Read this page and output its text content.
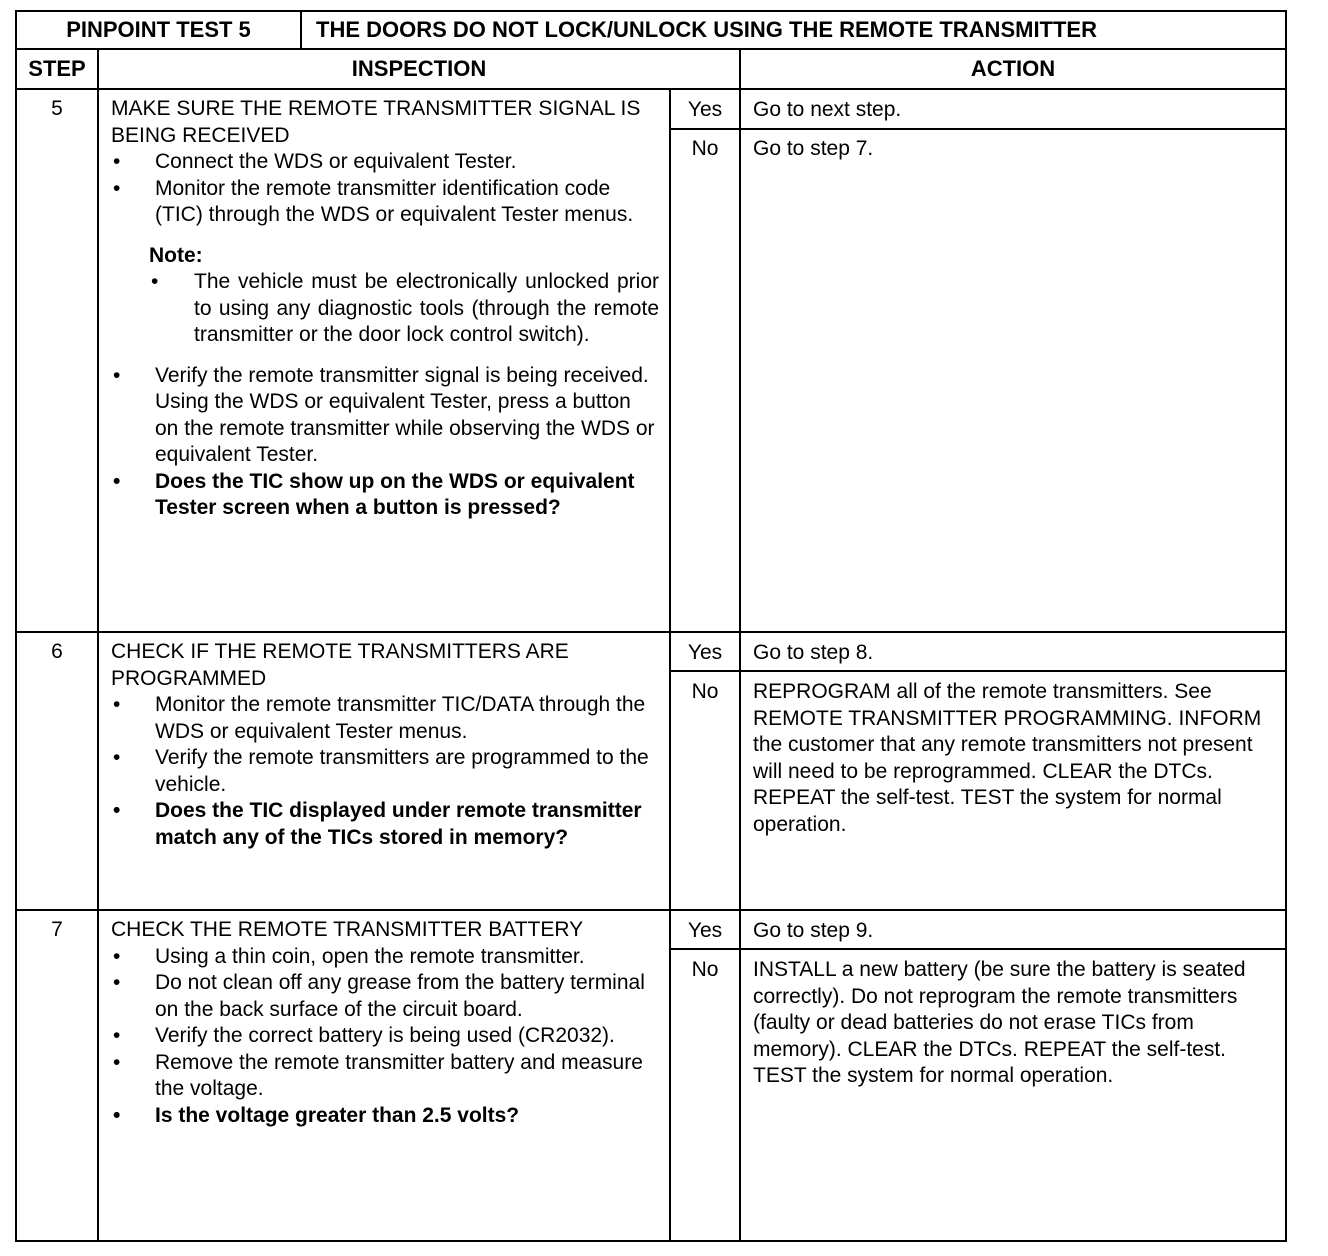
PINPOINT TEST 5	THE DOORS DO NOT LOCK/UNLOCK USING THE REMOTE TRANSMITTER
STEP	INSPECTION	ACTION
5	MAKE SURE THE REMOTE TRANSMITTER SIGNAL IS BEING RECEIVED

• Connect the WDS or equivalent Tester.
• Monitor the remote transmitter identification code (TIC) through the WDS or equivalent Tester menus.
Note:
• The vehicle must be electronically unlocked prior to using any diagnostic tools (through the remote transmitter or the door lock control switch).
• Verify the remote transmitter signal is being received. Using the WDS or equivalent Tester, press a button on the remote transmitter while observing the WDS or equivalent Tester.
• Does the TIC show up on the WDS or equivalent Tester screen when a button is pressed?
Yes	Go to next step.
No	Go to step 7.
6	CHECK IF THE REMOTE TRANSMITTERS ARE PROGRAMMED

• Monitor the remote transmitter TIC/DATA through the WDS or equivalent Tester menus.
• Verify the remote transmitters are programmed to the vehicle.
• Does the TIC displayed under remote transmitter match any of the TICs stored in memory?
Yes	Go to step 8.
No	REPROGRAM all of the remote transmitters. See REMOTE TRANSMITTER PROGRAMMING. INFORM the customer that any remote transmitters not present will need to be reprogrammed. CLEAR the DTCs. REPEAT the self-test. TEST the system for normal operation.
7	CHECK THE REMOTE TRANSMITTER BATTERY

• Using a thin coin, open the remote transmitter.
• Do not clean off any grease from the battery terminal on the back surface of the circuit board.
• Verify the correct battery is being used (CR2032).
• Remove the remote transmitter battery and measure the voltage.
• Is the voltage greater than 2.5 volts?
Yes	Go to step 9.
No	INSTALL a new battery (be sure the battery is seated correctly). Do not reprogram the remote transmitters (faulty or dead batteries do not erase TICs from memory). CLEAR the DTCs. REPEAT the self-test. TEST the system for normal operation.
